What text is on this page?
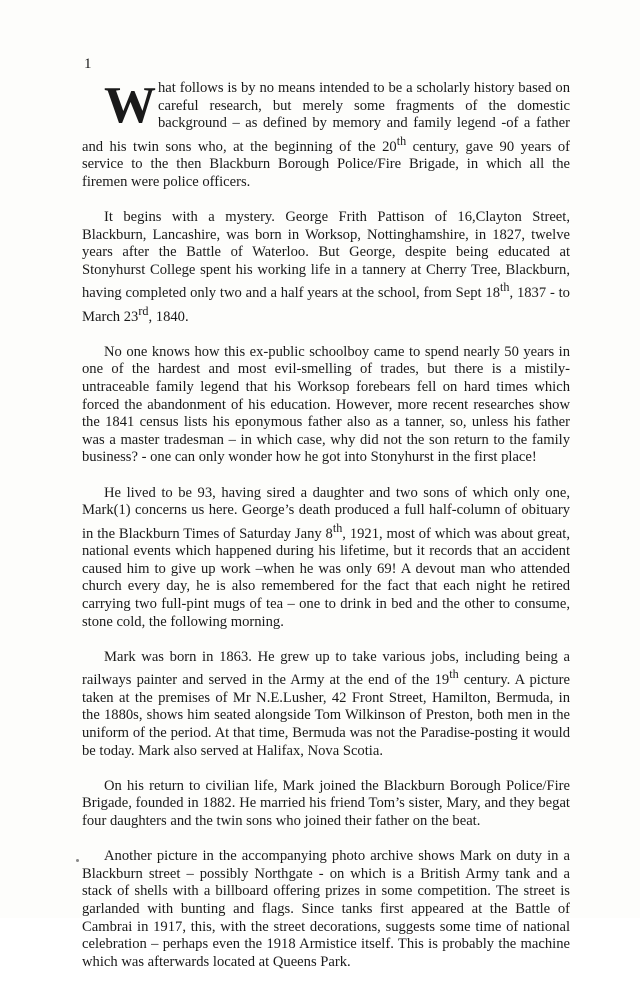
1

What follows is by no means intended to be a scholarly history based on careful research, but merely some fragments of the domestic background – as defined by memory and family legend -of a father and his twin sons who, at the beginning of the 20th century, gave 90 years of service to the then Blackburn Borough Police/Fire Brigade, in which all the firemen were police officers.

It begins with a mystery. George Frith Pattison of 16,Clayton Street, Blackburn, Lancashire, was born in Worksop, Nottinghamshire, in 1827, twelve years after the Battle of Waterloo. But George, despite being educated at Stonyhurst College spent his working life in a tannery at Cherry Tree, Blackburn, having completed only two and a half years at the school, from Sept 18th, 1837 - to March 23rd, 1840.

No one knows how this ex-public schoolboy came to spend nearly 50 years in one of the hardest and most evil-smelling of trades, but there is a mistily-untraceable family legend that his Worksop forebears fell on hard times which forced the abandonment of his education. However, more recent researches show the 1841 census lists his eponymous father also as a tanner, so, unless his father was a master tradesman – in which case, why did not the son return to the family business? - one can only wonder how he got into Stonyhurst in the first place!

He lived to be 93, having sired a daughter and two sons of which only one, Mark(1) concerns us here. George’s death produced a full half-column of obituary in the Blackburn Times of Saturday Jany 8th, 1921, most of which was about great, national events which happened during his lifetime, but it records that an accident caused him to give up work –when he was only 69! A devout man who attended church every day, he is also remembered for the fact that each night he retired carrying two full-pint mugs of tea – one to drink in bed and the other to consume, stone cold, the following morning.

Mark was born in 1863. He grew up to take various jobs, including being a railways painter and served in the Army at the end of the 19th century. A picture taken at the premises of Mr N.E.Lusher, 42 Front Street, Hamilton, Bermuda, in the 1880s, shows him seated alongside Tom Wilkinson of Preston, both men in the uniform of the period. At that time, Bermuda was not the Paradise-posting it would be today. Mark also served at Halifax, Nova Scotia.

On his return to civilian life, Mark joined the Blackburn Borough Police/Fire Brigade, founded in 1882. He married his friend Tom’s sister, Mary, and they begat four daughters and the twin sons who joined their father on the beat.

Another picture in the accompanying photo archive shows Mark on duty in a Blackburn street – possibly Northgate - on which is a British Army tank and a stack of shells with a billboard offering prizes in some competition. The street is garlanded with bunting and flags. Since tanks first appeared at the Battle of Cambrai in 1917, this, with the street decorations, suggests some time of national celebration – perhaps even the 1918 Armistice itself. This is probably the machine which was afterwards located at Queens Park.
